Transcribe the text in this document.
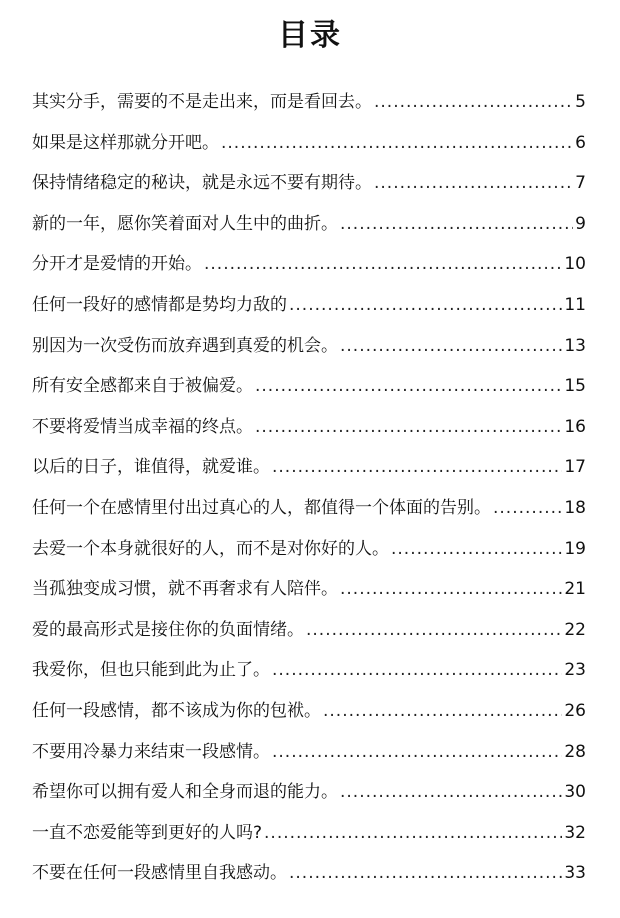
目录
其实分手，需要的不是走出来，而是看回去。 .....	5
如果是这样那就分开吧。 .....	6
保持情绪稳定的秘诀，就是永远不要有期待。 .....	7
新的一年，愿你笑着面对人生中的曲折。 .....	9
分开才是爱情的开始。 .....	10
任何一段好的感情都是势均力敌的 .....	11
别因为一次受伤而放弃遇到真爱的机会。 .....	13
所有安全感都来自于被偏爱。 .....	15
不要将爱情当成幸福的终点。 .....	16
以后的日子，谁值得，就爱谁。 .....	17
任何一个在感情里付出过真心的人，都值得一个体面的告别。 .....	18
去爱一个本身就很好的人，而不是对你好的人。 .....	19
当孤独变成习惯，就不再奢求有人陪伴。 .....	21
爱的最高形式是接住你的负面情绪。 .....	22
我爱你，但也只能到此为止了。 .....	23
任何一段感情，都不该成为你的包袱。 .....	26
不要用冷暴力来结束一段感情。 .....	28
希望你可以拥有爱人和全身而退的能力。 .....	30
一直不恋爱能等到更好的人吗? .....	32
不要在任何一段感情里自我感动。 .....	33
